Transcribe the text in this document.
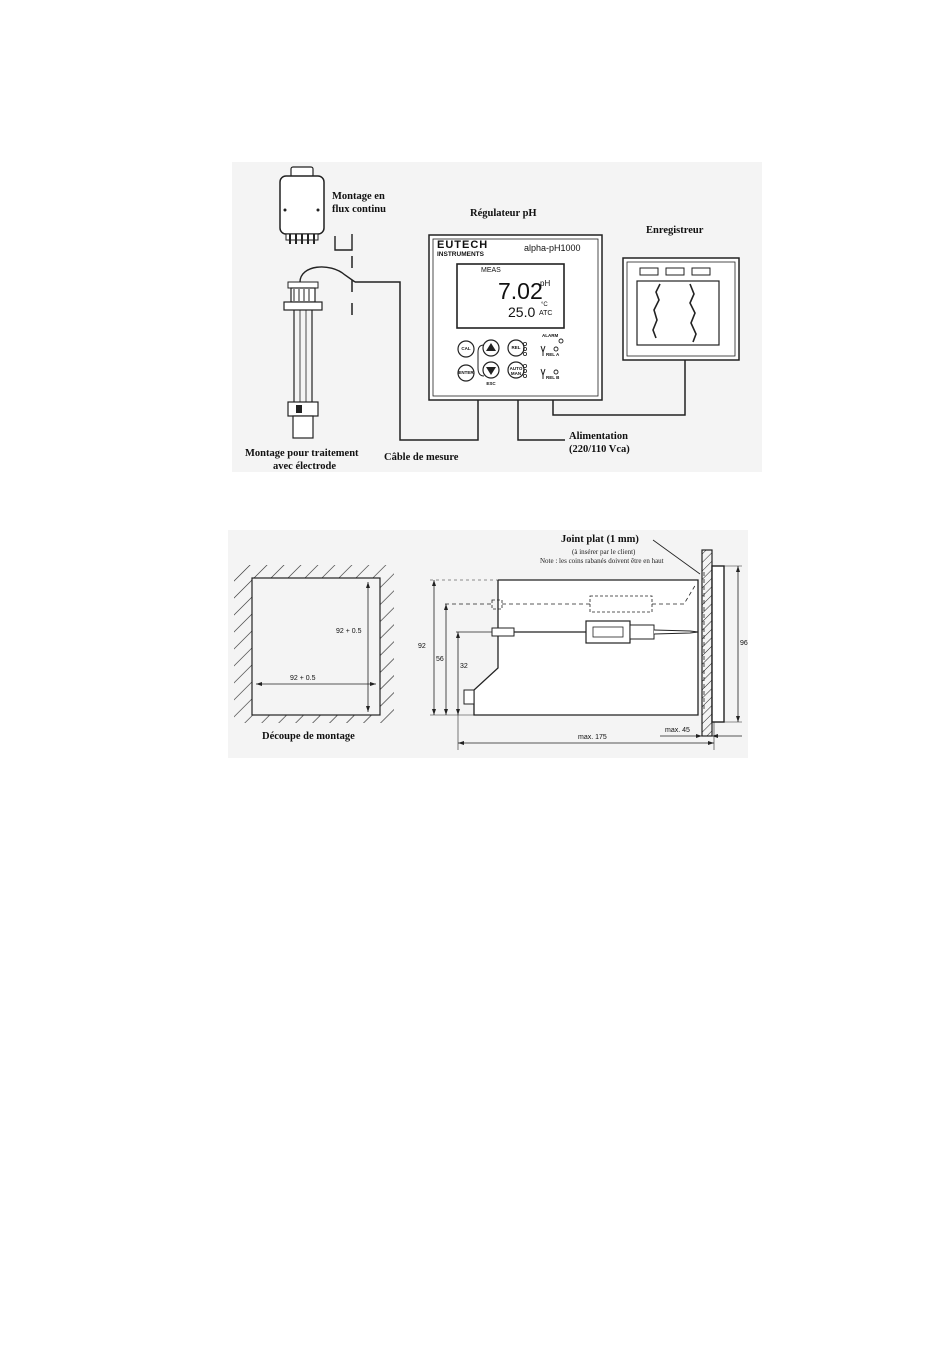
Montage en
flux continu	Régulateur pH
Enregistreur
Montage pour traitement
avec électrode
Câble de mesure
Alimentation
(220/110 Vca)
EUTECH
INSTRUMENTS
alpha-pH1000
MEAS
7.02
pH
25.0 °C
ATC
CAL
ENTER
ESC
REL
AUTO MAN
ALARM
REL A
REL B
Joint plat (1 mm)
(à insérer par le client)
Note : les coins rabanés doivent être en haut
Découpe de montage
92 + 0.5
92 + 0.5
92
56
32
96
max. 45
max. 175
